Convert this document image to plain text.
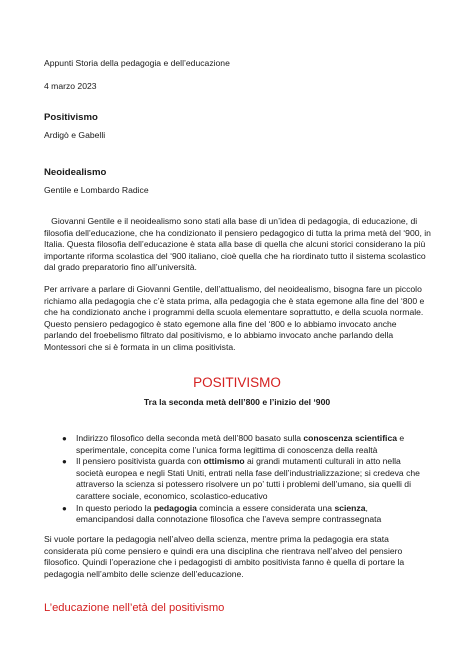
Appunti Storia della pedagogia e dell’educazione
4 marzo 2023
Positivismo
Ardigò e Gabelli
Neoidealismo
Gentile e Lombardo Radice

Giovanni Gentile e il neoidealismo sono stati alla base di un’idea di pedagogia, di educazione, di filosofia dell’educazione, che ha condizionato il pensiero pedagogico di tutta la prima metà del ‘900, in Italia. Questa filosofia dell’educazione è stata alla base di quella che alcuni storici considerano la più importante riforma scolastica del ‘900 italiano, cioè quella che ha riordinato tutto il sistema scolastico dal grado preparatorio fino all’università.

Per arrivare a parlare di Giovanni Gentile, dell’attualismo, del neoidealismo, bisogna fare un piccolo richiamo alla pedagogia che c’è stata prima, alla pedagogia che è stata egemone alla fine del ‘800 e che ha condizionato anche i programmi della scuola elementare soprattutto, e della scuola normale. Questo pensiero pedagogico è stato egemone alla fine del ‘800 e lo abbiamo invocato anche parlando del froebelismo filtrato dal positivismo, e lo abbiamo invocato anche parlando della Montessori che si è formata in un clima positivista.

POSITIVISMO
Tra la seconda metà dell’800 e l’inizio del ‘900
● Indirizzo filosofico della seconda metà dell’800 basato sulla conoscenza scientifica e sperimentale, concepita come l’unica forma legittima di conoscenza della realtà
● Il pensiero positivista guarda con ottimismo ai grandi mutamenti culturali in atto nella società europea e negli Stati Uniti, entrati nella fase dell’industrializzazione; si credeva che attraverso la scienza si potessero risolvere un po’ tutti i problemi dell’umano, sia quelli di carattere sociale, economico, scolastico-educativo
● In questo periodo la pedagogia comincia a essere considerata una scienza, emancipandosi dalla connotazione filosofica che l’aveva sempre contrassegnata

Si vuole portare la pedagogia nell’alveo della scienza, mentre prima la pedagogia era stata considerata più come pensiero e quindi era una disciplina che rientrava nell’alveo del pensiero filosofico. Quindi l’operazione che i pedagogisti di ambito positivista fanno è quella di portare la pedagogia nell’ambito delle scienze dell’educazione.

L’educazione nell’età del positivismo
